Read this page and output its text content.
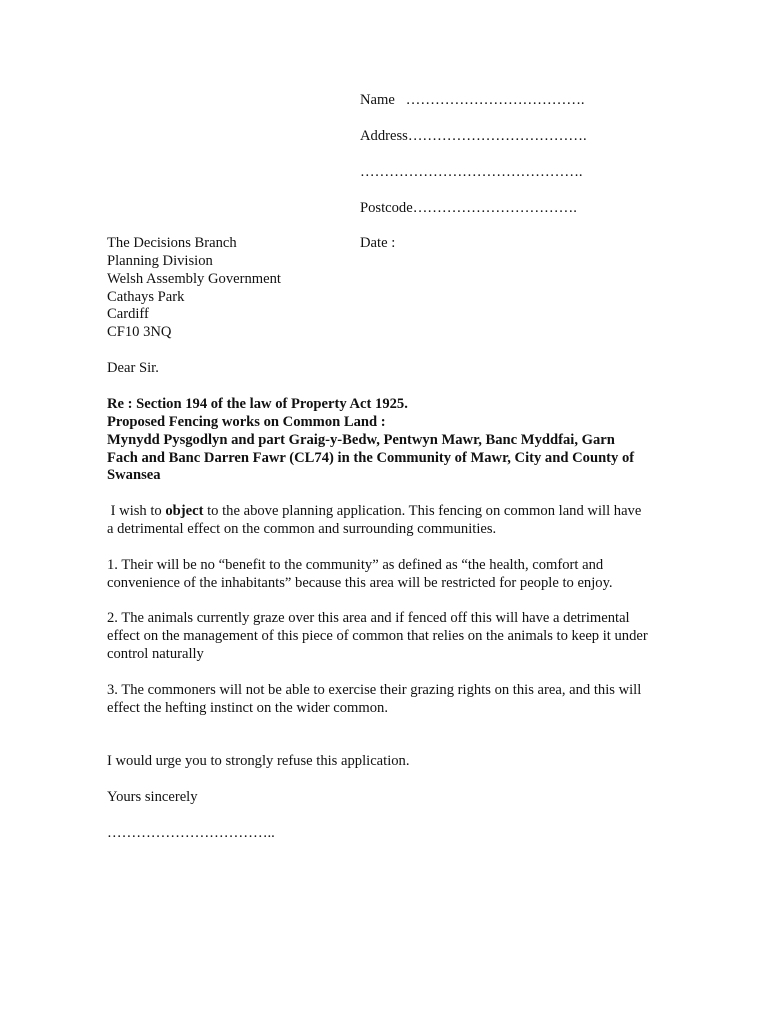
Name   ……………………………….
Address……………………………….
……………………………………….
Postcode…………………………….
Date :
The Decisions Branch
Planning Division
Welsh Assembly Government
Cathays Park
Cardiff
CF10 3NQ
Dear Sir.
Re : Section 194 of the law of Property Act 1925.
Proposed Fencing works on Common Land :
Mynydd Pysgodlyn and part Graig-y-Bedw, Pentwyn Mawr, Banc Myddfai, Garn
Fach and Banc Darren Fawr (CL74) in the Community of Mawr, City and County of
Swansea
I wish to object to the above planning application. This fencing on common land will have a detrimental effect on the common and surrounding communities.
1. Their will be no “benefit to the community” as defined as “the health, comfort and convenience of the inhabitants” because this area will be restricted for people to enjoy.
2. The animals currently graze over this area and if fenced off this will have a detrimental effect on the management of this piece of common that relies on the animals to keep it under control naturally
3. The commoners will not be able to exercise their grazing rights on this area, and this will effect the hefting instinct on the wider common.
I would urge you to strongly refuse this application.
Yours sincerely
……………………………..
